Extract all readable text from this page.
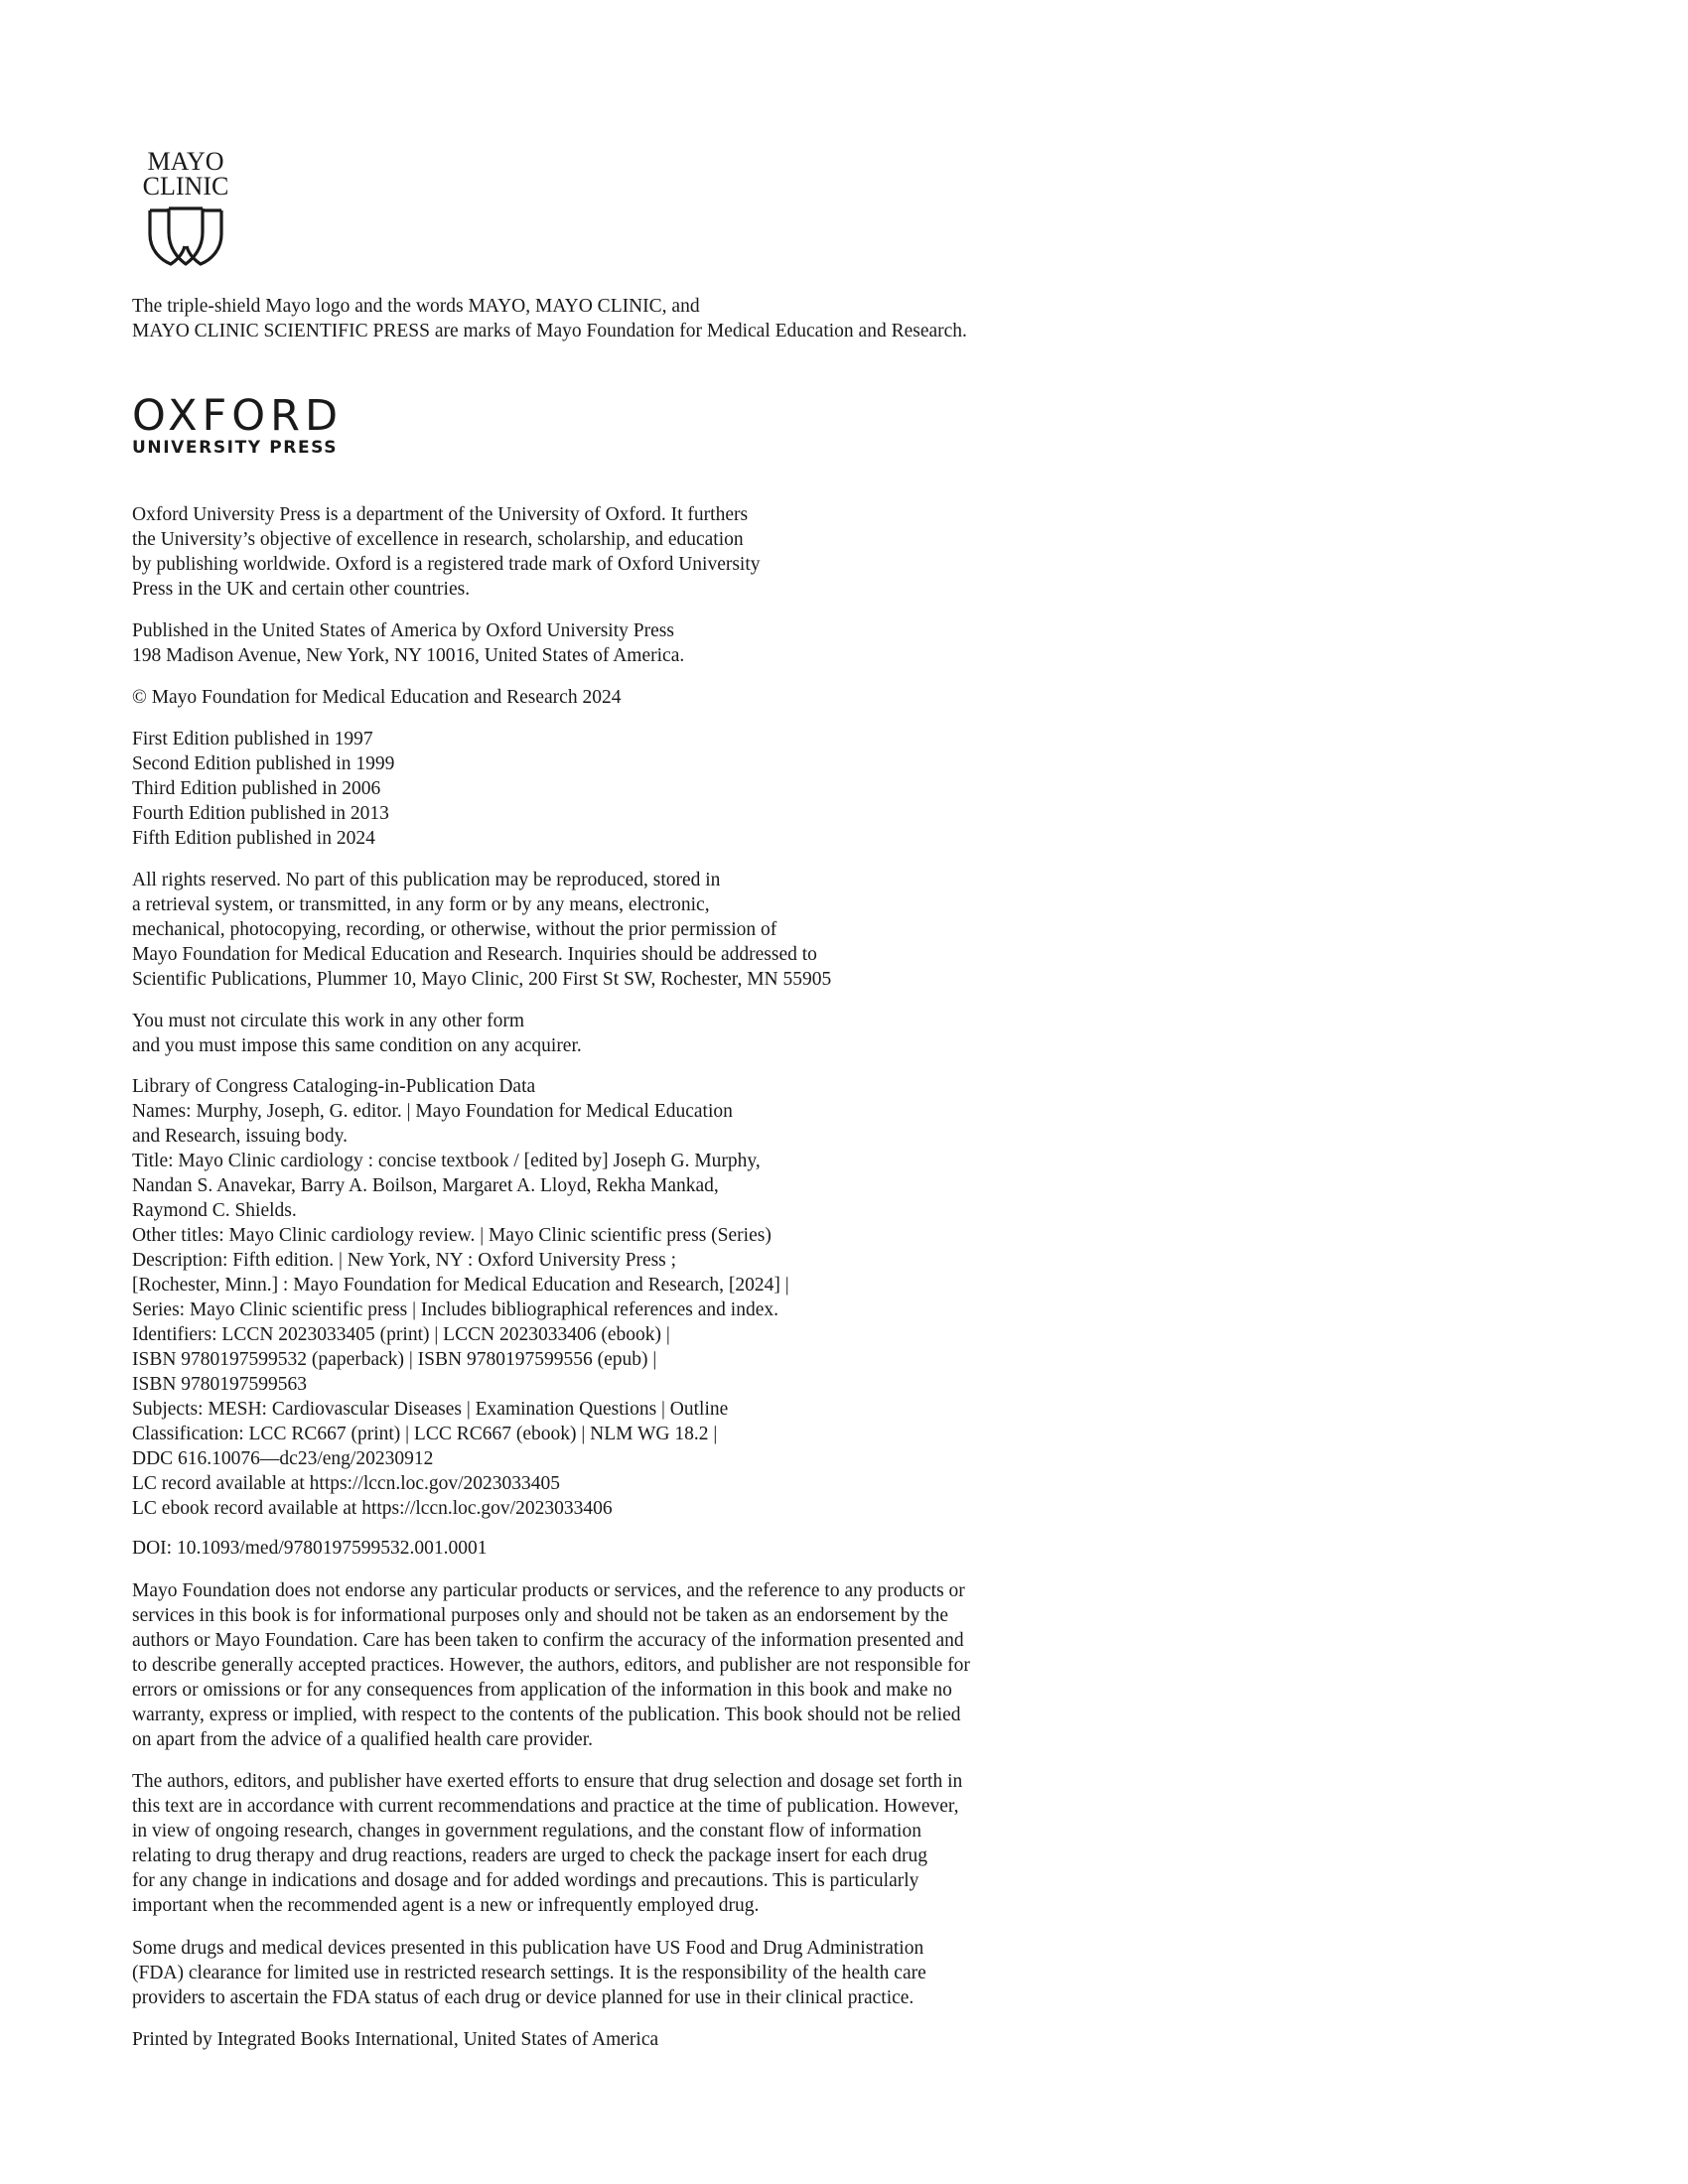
MAYO
CLINIC

The triple-shield Mayo logo and the words MAYO, MAYO CLINIC, and

MAYO CLINIC SCIENTIFIC PRESS are marks of Mayo Foundation for Medical Education and Research.

OXFORD
UNIVERSITY PRESS

Oxford University Press is a department of the University of Oxford. It furthers

the University’s objective of excellence in research, scholarship, and education

by publishing worldwide. Oxford is a registered trade mark of Oxford University

Press in the UK and certain other countries.

Published in the United States of America by Oxford University Press

198 Madison Avenue, New York, NY 10016, United States of America.

© Mayo Foundation for Medical Education and Research 2024

First Edition published in 1997

Second Edition published in 1999

Third Edition published in 2006

Fourth Edition published in 2013

Fifth Edition published in 2024

All rights reserved. No part of this publication may be reproduced, stored in

a retrieval system, or transmitted, in any form or by any means, electronic,

mechanical, photocopying, recording, or otherwise, without the prior permission of

Mayo Foundation for Medical Education and Research. Inquiries should be addressed to

Scientific Publications, Plummer 10, Mayo Clinic, 200 First St SW, Rochester, MN 55905

You must not circulate this work in any other form

and you must impose this same condition on any acquirer.

Library of Congress Cataloging-in-Publication Data

Names: Murphy, Joseph, G. editor. | Mayo Foundation for Medical Education

and Research, issuing body.

Title: Mayo Clinic cardiology : concise textbook / [edited by] Joseph G. Murphy,

Nandan S. Anavekar, Barry A. Boilson, Margaret A. Lloyd, Rekha Mankad,

Raymond C. Shields.

Other titles: Mayo Clinic cardiology review. | Mayo Clinic scientific press (Series)

Description: Fifth edition. | New York, NY : Oxford University Press ;

[Rochester, Minn.] : Mayo Foundation for Medical Education and Research, [2024] |

Series: Mayo Clinic scientific press | Includes bibliographical references and index.

Identifiers: LCCN 2023033405 (print) | LCCN 2023033406 (ebook) |

ISBN 9780197599532 (paperback) | ISBN 9780197599556 (epub) |

ISBN 9780197599563

Subjects: MESH: Cardiovascular Diseases | Examination Questions | Outline

Classification: LCC RC667 (print) | LCC RC667 (ebook) | NLM WG 18.2 |

DDC 616.10076—dc23/eng/20230912

LC record available at https://lccn.loc.gov/2023033405

LC ebook record available at https://lccn.loc.gov/2023033406

DOI: 10.1093/med/9780197599532.001.0001

Mayo Foundation does not endorse any particular products or services, and the reference to any products or

services in this book is for informational purposes only and should not be taken as an endorsement by the

authors or Mayo Foundation. Care has been taken to confirm the accuracy of the information presented and

to describe generally accepted practices. However, the authors, editors, and publisher are not responsible for

errors or omissions or for any consequences from application of the information in this book and make no

warranty, express or implied, with respect to the contents of the publication. This book should not be relied

on apart from the advice of a qualified health care provider.

The authors, editors, and publisher have exerted efforts to ensure that drug selection and dosage set forth in

this text are in accordance with current recommendations and practice at the time of publication. However,

in view of ongoing research, changes in government regulations, and the constant flow of information

relating to drug therapy and drug reactions, readers are urged to check the package insert for each drug

for any change in indications and dosage and for added wordings and precautions. This is particularly

important when the recommended agent is a new or infrequently employed drug.

Some drugs and medical devices presented in this publication have US Food and Drug Administration

(FDA) clearance for limited use in restricted research settings. It is the responsibility of the health care

providers to ascertain the FDA status of each drug or device planned for use in their clinical practice.

Printed by Integrated Books International, United States of America
